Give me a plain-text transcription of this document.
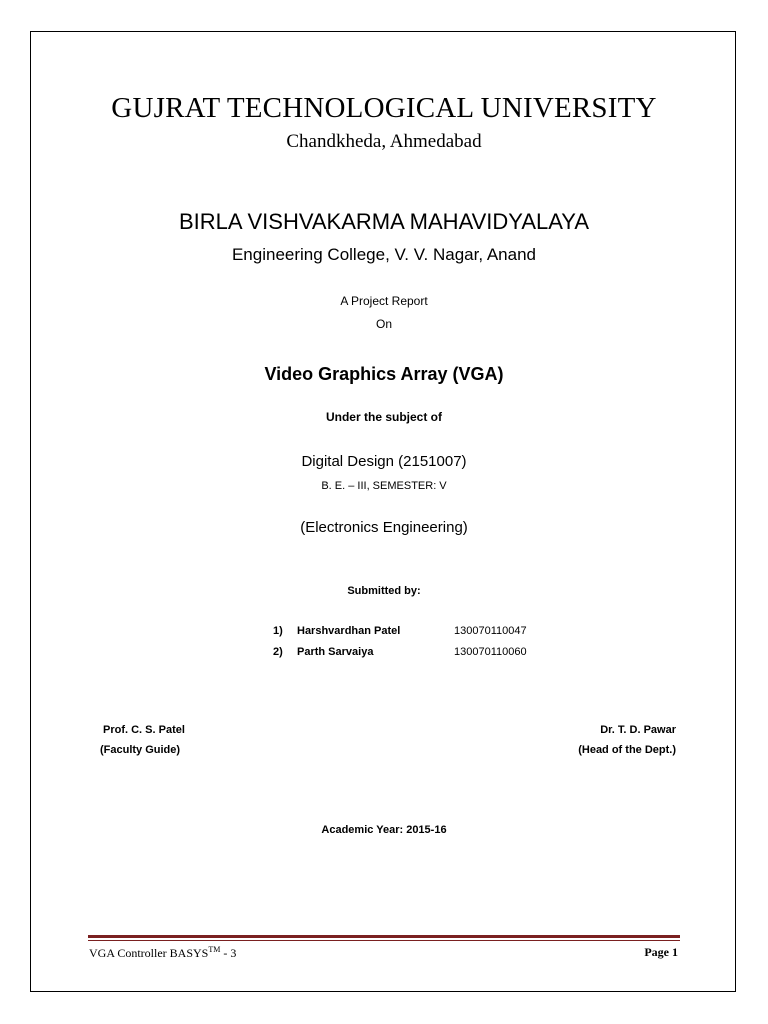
GUJRAT TECHNOLOGICAL UNIVERSITY
Chandkheda, Ahmedabad
BIRLA VISHVAKARMA MAHAVIDYALAYA
Engineering College, V. V. Nagar, Anand
A Project Report
On
Video Graphics Array (VGA)
Under the subject of
Digital Design (2151007)
B. E. – III, SEMESTER: V
(Electronics Engineering)
Submitted by:
1) Harshvardhan Patel	130070110047
2) Parth Sarvaiya	130070110060
Prof. C. S. Patel
(Faculty Guide)
Dr. T. D. Pawar
(Head of the Dept.)
Academic Year: 2015-16
VGA Controller BASYS™ - 3	Page 1
